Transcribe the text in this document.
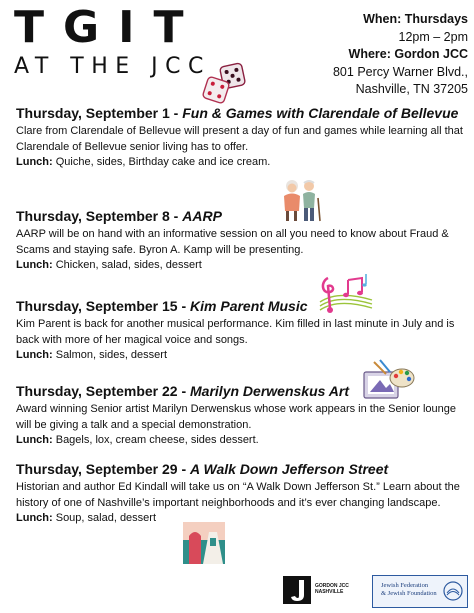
TGIT
AT THE JCC
When: Thursdays
12pm – 2pm
Where: Gordon JCC
801 Percy Warner Blvd.,
Nashville, TN 37205
Thursday, September 1 - Fun & Games with Clarendale of Bellevue
Clare from Clarendale of Bellevue will present a day of fun and games while learning all that Clarendale of Bellevue senior living has to offer.
Lunch: Quiche, sides, Birthday cake and ice cream.
Thursday, September 8 - AARP
AARP will be on hand with an informative session on all you need to know about Fraud & Scams and staying safe. Byron A. Kamp will be presenting.
Lunch: Chicken, salad, sides, dessert
Thursday, September 15 - Kim Parent Music
Kim Parent is back for another musical performance. Kim filled in last minute in July and is back with more of her magical voice and songs.
Lunch: Salmon, sides, dessert
Thursday, September 22 - Marilyn Derwenskus Art
Award winning Senior artist Marilyn Derwenskus whose work appears in the Senior lounge will be giving a talk and a special demonstration.
Lunch: Bagels, lox, cream cheese, sides dessert.
Thursday, September 29 - A Walk Down Jefferson Street
Historian and author Ed Kindall will take us on “A Walk Down Jefferson St.” Learn about the history of one of Nashville’s important neighborhoods and it’s ever changing landscape.
Lunch: Soup, salad, dessert
GORDON JCC
NASHVILLE
Jewish Federation
& Jewish Foundation
